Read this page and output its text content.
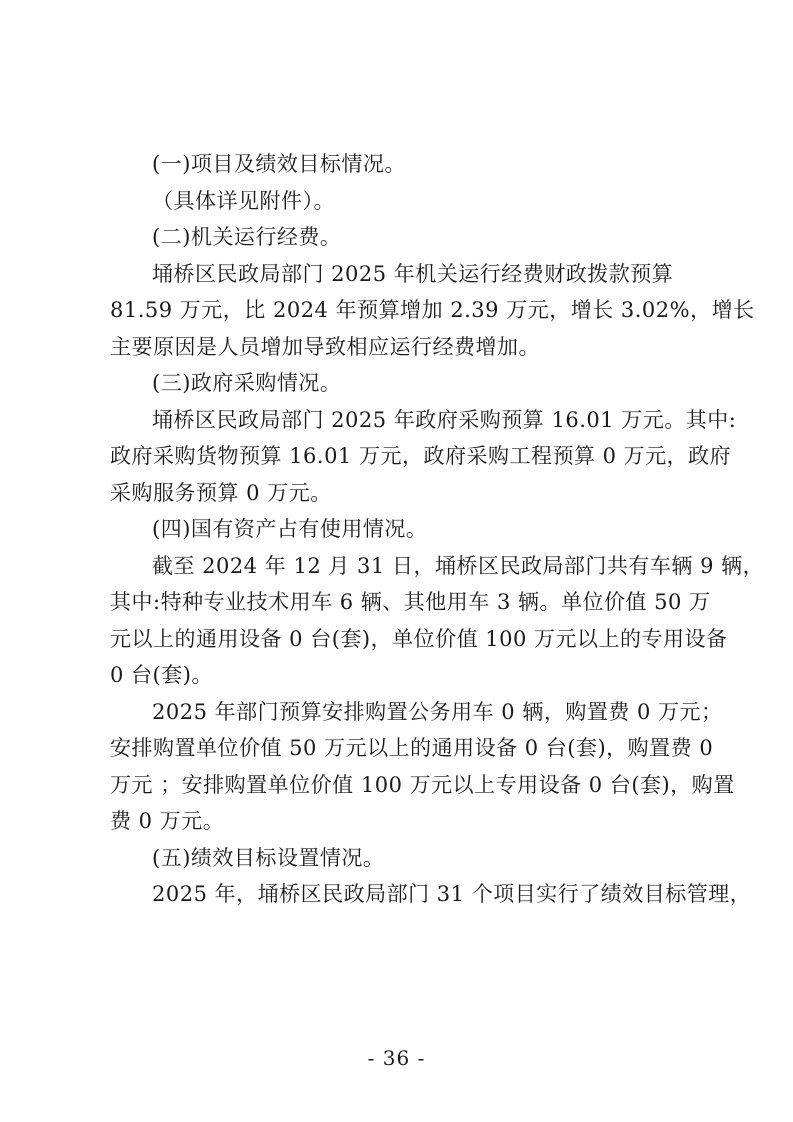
(一)项目及绩效目标情况。

（具体详见附件）。

(二)机关运行经费。

埇桥区民政局部门 2025 年机关运行经费财政拨款预算
81.59 万元，比 2024 年预算增加 2.39 万元，增长 3.02%，增长
主要原因是人员增加导致相应运行经费增加。

(三)政府采购情况。

埇桥区民政局部门 2025 年政府采购预算 16.01 万元。其中:
政府采购货物预算 16.01 万元，政府采购工程预算 0 万元，政府
采购服务预算 0 万元。

(四)国有资产占有使用情况。

截至 2024 年 12 月 31 日，埇桥区民政局部门共有车辆 9 辆，
其中:特种专业技术用车 6 辆、其他用车 3 辆。单位价值 50 万
元以上的通用设备 0 台(套)，单位价值 100 万元以上的专用设备
0 台(套)。

2025 年部门预算安排购置公务用车 0 辆，购置费 0 万元；
安排购置单位价值 50 万元以上的通用设备 0 台(套)，购置费 0
万元 ；安排购置单位价值 100 万元以上专用设备 0 台(套)，购置
费 0 万元。

(五)绩效目标设置情况。

2025 年，埇桥区民政局部门 31 个项目实行了绩效目标管理，

- 36 -
